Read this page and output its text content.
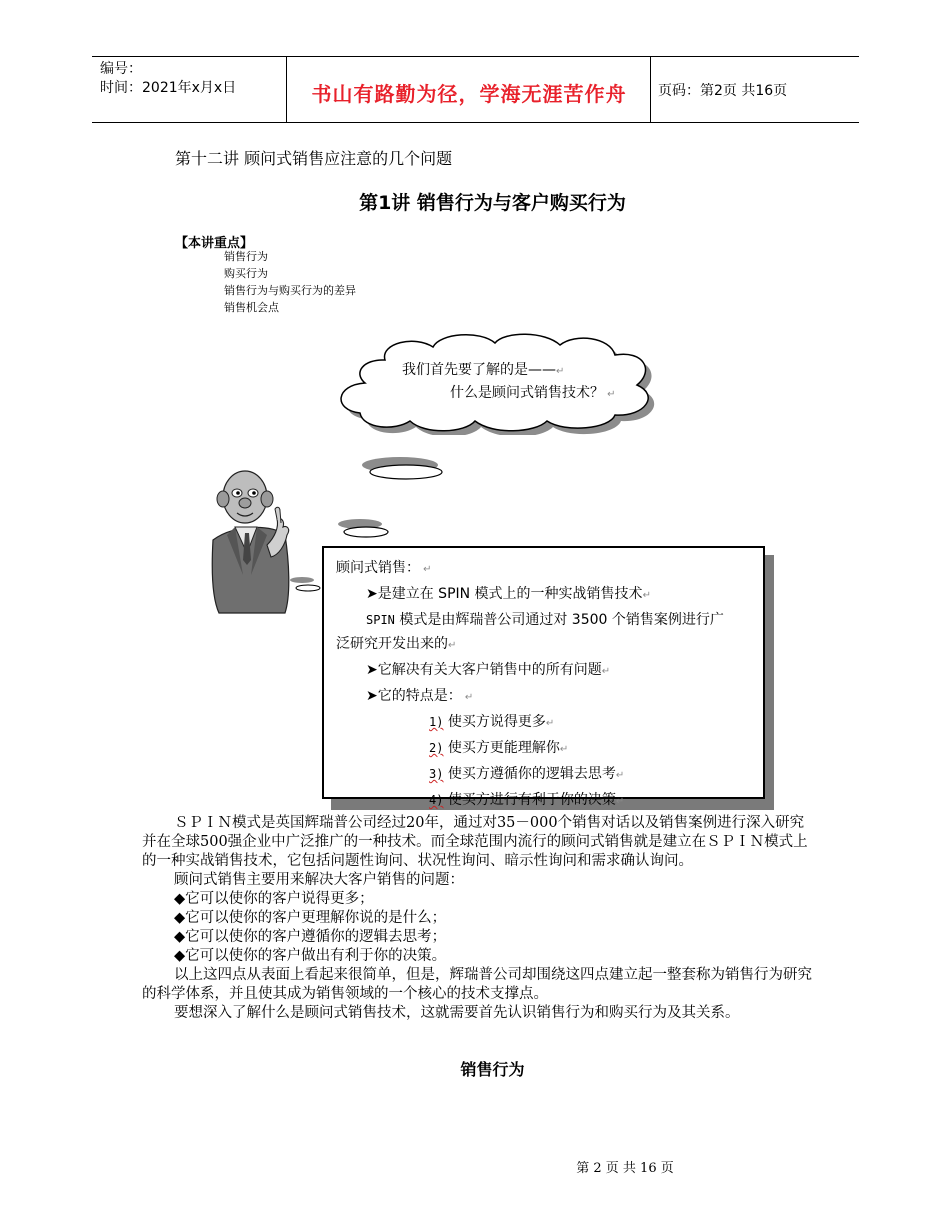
编号：
时间：2021年x月x日	书山有路勤为径，学海无涯苦作舟	页码：第2页 共16页
第十二讲 顾问式销售应注意的几个问题
第1讲 销售行为与客户购买行为
【本讲重点】
销售行为
购买行为
销售行为与购买行为的差异
销售机会点
我们首先要了解的是——↵
什么是顾问式销售技术？ ↵
顾问式销售： ↵
➤是建立在 SPIN 模式上的一种实战销售技术↵
SPIN 模式是由辉瑞普公司通过对 3500 个销售案例进行广
泛研究开发出来的↵
➤它解决有关大客户销售中的所有问题↵
➤它的特点是： ↵
1) 使买方说得更多↵
2) 使买方更能理解你↵
3) 使买方遵循你的逻辑去思考↵
4) 使买方进行有利于你的决策↵

ＳＰＩＮ模式是英国辉瑞普公司经过20年，通过对35－000个销售对话以及销售案例进行深入研究并在全球500强企业中广泛推广的一种技术。而全球范围内流行的顾问式销售就是建立在ＳＰＩＮ模式上的一种实战销售技术，它包括问题性询问、状况性询问、暗示性询问和需求确认询问。

顾问式销售主要用来解决大客户销售的问题：

◆它可以使你的客户说得更多；

◆它可以使你的客户更理解你说的是什么；

◆它可以使你的客户遵循你的逻辑去思考；

◆它可以使你的客户做出有利于你的决策。

以上这四点从表面上看起来很简单，但是，辉瑞普公司却围绕这四点建立起一整套称为销售行为研究的科学体系，并且使其成为销售领域的一个核心的技术支撑点。

要想深入了解什么是顾问式销售技术，这就需要首先认识销售行为和购买行为及其关系。

销售行为
第 2 页 共 16 页
